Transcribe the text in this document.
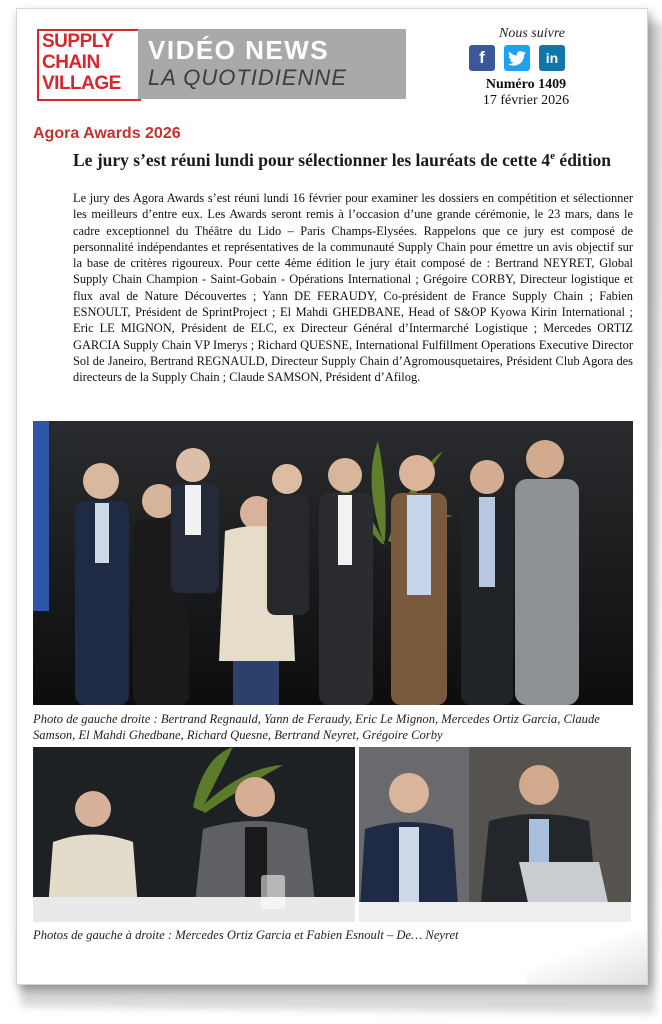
SUPPLY
CHAIN
VILLAGE
VIDÉO NEWS
LA QUOTIDIENNE
Nous suivre
f	in
Numéro 1409
17 février 2026
Agora Awards 2026
Le jury s’est réuni lundi pour sélectionner les lauréats de cette 4e édition

Le jury des Agora Awards s’est réuni lundi 16 février pour examiner les dossiers en compétition et sélectionner les meilleurs d’entre eux. Les Awards seront remis à l’occasion d’une grande cérémonie, le 23 mars, dans le cadre exceptionnel du Théâtre du Lido – Paris Champs-Elysées. Rappelons que ce jury est composé de personnalité indépendantes et représentatives de la communauté Supply Chain pour émettre un avis objectif sur la base de critères rigoureux. Pour cette 4ème édition le jury était composé de : Bertrand NEYRET, Global Supply Chain Champion - Saint-Gobain - Opérations International ; Grégoire CORBY, Directeur logistique et flux aval de Nature Découvertes ; Yann DE FERAUDY, Co-président de France Supply Chain ; Fabien ESNOULT, Président de SprintProject ; El Mahdi GHEDBANE, Head of S&OP Kyowa Kirin International ; Eric LE MIGNON, Président de ELC, ex Directeur Général d’Intermarché Logistique ; Mercedes ORTIZ GARCIA Supply Chain VP Imerys ; Richard QUESNE, International Fulfillment Operations Executive Director Sol de Janeiro, Bertrand REGNAULD, Directeur Supply Chain d’Agromousquetaires, Président Club Agora des directeurs de la Supply Chain ; Claude SAMSON, Président d’Afilog.

Photo de gauche droite : Bertrand Regnauld, Yann de Feraudy, Eric Le Mignon, Mercedes Ortiz Garcia, Claude Samson, El Mahdi Ghedbane, Richard Quesne, Bertrand Neyret, Grégoire Corby

Photos de gauche à droite : Mercedes Ortiz Garcia et Fabien Esnoult – De… Neyret
